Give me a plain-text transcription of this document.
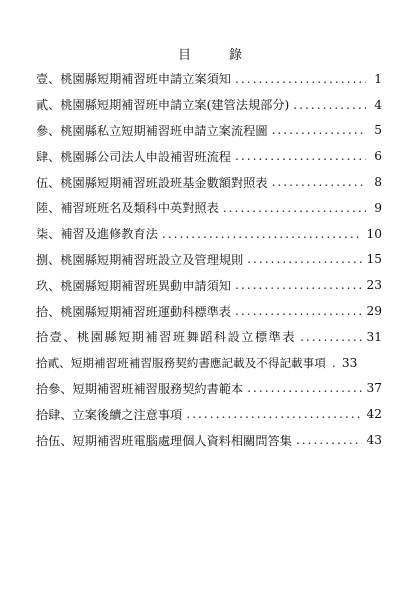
目	錄
壹、桃園縣短期補習班申請立案須知 .....	1
貳、桃園縣短期補習班申請立案(建管法規部分) .....	4
參、桃園縣私立短期補習班申請立案流程圖 .....	5
肆、桃園縣公司法人申設補習班流程 .....	6
伍、桃園縣短期補習班設班基金數額對照表 .....	8
陸、補習班班名及類科中英對照表 .....	9
柒、補習及進修教育法 .....	10
捌、桃園縣短期補習班設立及管理規則 .....	15
玖、桃園縣短期補習班異動申請須知 .....	23
拾、桃園縣短期補習班運動科標準表 .....	29
拾壹、桃園縣短期補習班舞蹈科設立標準表 .....	31
拾貳、短期補習班補習服務契約書應記載及不得記載事項 ..... 33
拾參、短期補習班補習服務契約書範本 .....	37
拾肆、立案後續之注意事項 .....	42
拾伍、短期補習班電腦處理個人資料相關問答集 .....	43
